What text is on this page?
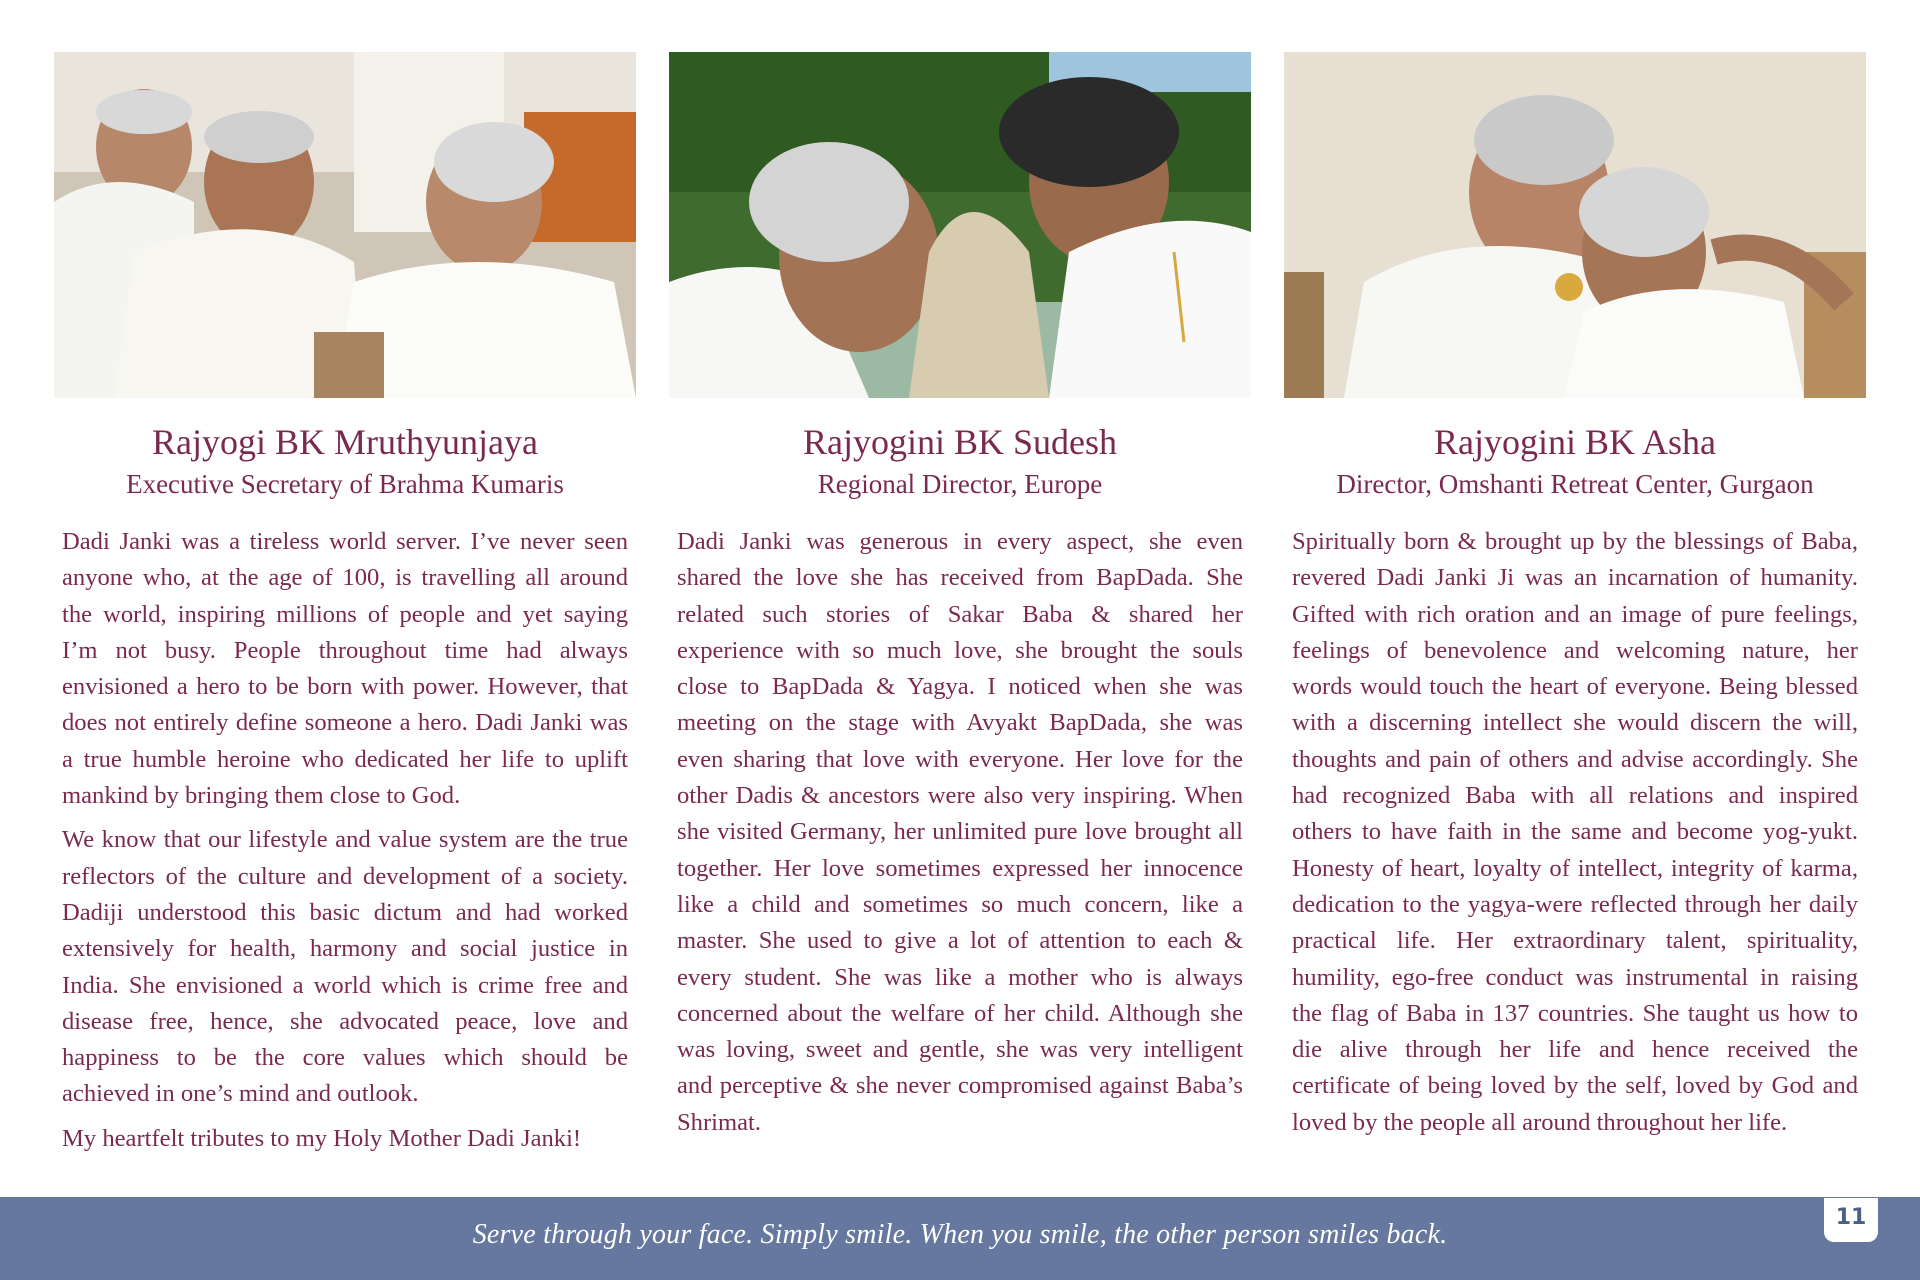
Rajyogi BK Mruthyunjaya
Executive Secretary of Brahma Kumaris

Dadi Janki was a tireless world server. I’ve never seen anyone who, at the age of 100, is travelling all around the world, inspiring millions of people and yet saying I’m not busy. People throughout time had always envisioned a hero to be born with power. However, that does not entirely define someone a hero. Dadi Janki was a true humble heroine who dedicated her life to uplift mankind by bringing them close to God.

We know that our lifestyle and value system are the true reflectors of the culture and development of a society. Dadiji understood this basic dictum and had worked extensively for health, harmony and social justice in India. She envisioned a world which is crime free and disease free, hence, she advocated peace, love and happiness to be the core values which should be achieved in one’s mind and outlook.

My heartfelt tributes to my Holy Mother Dadi Janki!

Rajyogini BK Sudesh
Regional Director, Europe

Dadi Janki was generous in every aspect, she even shared the love she has received from BapDada. She related such stories of Sakar Baba & shared her experience with so much love, she brought the souls close to BapDada & Yagya. I noticed when she was meeting on the stage with Avyakt BapDada, she was even sharing that love with everyone. Her love for the other Dadis & ancestors were also very inspiring. When she visited Germany, her unlimited pure love brought all together. Her love sometimes expressed her innocence like a child and sometimes so much concern, like a master. She used to give a lot of attention to each & every student. She was like a mother who is always concerned about the welfare of her child. Although she was loving, sweet and gentle, she was very intelligent and perceptive & she never compromised against Baba’s Shrimat.

Rajyogini BK Asha
Director, Omshanti Retreat Center, Gurgaon

Spiritually born & brought up by the blessings of Baba, revered Dadi Janki Ji was an incarnation of humanity. Gifted with rich oration and an image of pure feelings, feelings of benevolence and welcoming nature, her words would touch the heart of everyone. Being blessed with a discerning intellect she would discern the will, thoughts and pain of others and advise accordingly. She had recognized Baba with all relations and inspired others to have faith in the same and become yog-yukt. Honesty of heart, loyalty of intellect, integrity of karma, dedication to the yagya-were reflected through her daily practical life. Her extraordinary talent, spirituality, humility, ego-free conduct was instrumental in raising the flag of Baba in 137 countries. She taught us how to die alive through her life and hence received the certificate of being loved by the self, loved by God and loved by the people all around throughout her life.

Serve through your face. Simply smile. When you smile, the other person smiles back.
11
